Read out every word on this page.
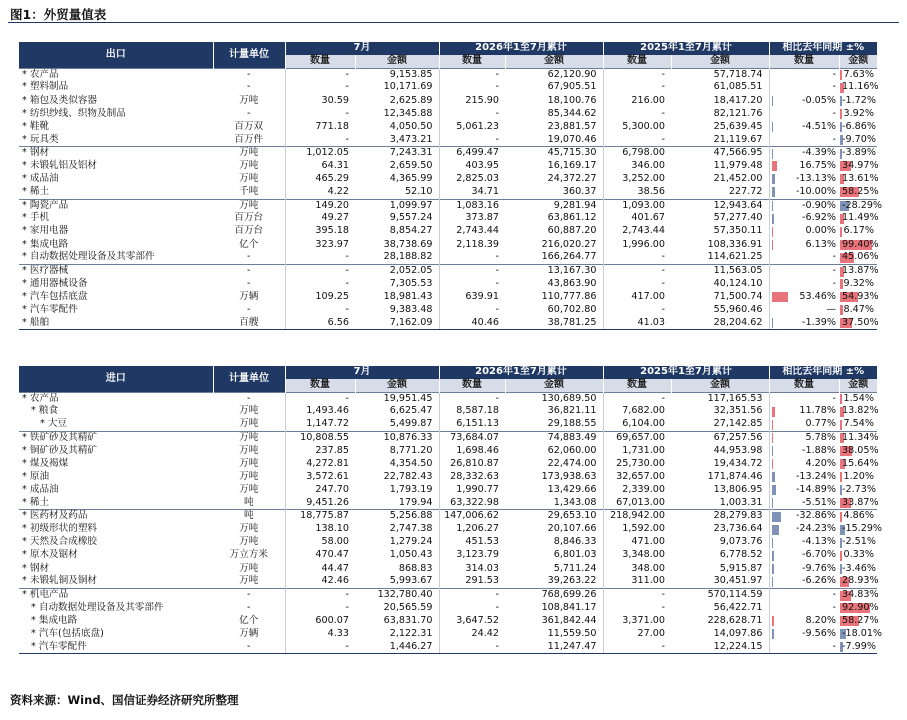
图1：外贸量值表
出口	计量单位	7月		2026年1至7月累计		2025年1至7月累计		相比去年同期 ±%	
		数量	金额	数量	金额	数量	金额	数量	金额
* 农产品	-	-	9,153.85	-	62,120.90	-	57,718.74	-	7.63%
* 塑料制品	-	-	10,171.69	-	67,905.51	-	61,085.51	-	11.16%
* 箱包及类似容器	万吨	30.59	2,625.89	215.90	18,100.76	216.00	18,417.20	-0.05%	-1.72%
* 纺织纱线、织物及制品	-	-	12,345.88	-	85,344.62	-	82,121.76	-	3.92%
* 鞋靴	百万双	771.18	4,050.50	5,061.23	23,881.57	5,300.00	25,639.45	-4.51%	-6.86%
* 玩具类	百万件	-	3,473.21	-	19,070.46	-	21,119.67	-	-9.70%
* 钢材	万吨	1,012.05	7,243.31	6,499.47	45,715.30	6,798.00	47,566.95	-4.39%	-3.89%
* 未锻轧铝及铝材	万吨	64.31	2,659.50	403.95	16,169.17	346.00	11,979.48	16.75%	34.97%
* 成品油	万吨	465.29	4,365.99	2,825.03	24,372.27	3,252.00	21,452.00	-13.13%	13.61%
* 稀土	千吨	4.22	52.10	34.71	360.37	38.56	227.72	-10.00%	58.25%
* 陶瓷产品	万吨	149.20	1,099.97	1,083.16	9,281.94	1,093.00	12,943.64	-0.90%	-28.29%
* 手机	百万台	49.27	9,557.24	373.87	63,861.12	401.67	57,277.40	-6.92%	11.49%
* 家用电器	百万台	395.18	8,854.27	2,743.44	60,887.20	2,743.44	57,350.11	0.00%	6.17%
* 集成电路	亿个	323.97	38,738.69	2,118.39	216,020.27	1,996.00	108,336.91	6.13%	99.40%
* 自动数据处理设备及其零部件	-	-	28,188.82	-	166,264.77	-	114,621.25	-	45.06%
* 医疗器械	-	-	2,052.05	-	13,167.30	-	11,563.05	-	13.87%
* 通用器械设备	-	-	7,305.53	-	43,863.90	-	40,124.10	-	9.32%
* 汽车包括底盘	万辆	109.25	18,981.43	639.91	110,777.86	417.00	71,500.74	53.46%	54.93%
* 汽车零配件	-	-	9,383.48	-	60,702.80	-	55,960.46	—	8.47%
* 船舶	百艘	6.56	7,162.09	40.46	38,781.25	41.03	28,204.62	-1.39%	37.50%
进口	计量单位	7月		2026年1至7月累计		2025年1至7月累计		相比去年同期 ±%	
		数量	金额	数量	金额	数量	金额	数量	金额
* 农产品	-	-	19,951.45	-	130,689.50	-	117,165.53	-	1.54%
* 粮食	万吨	1,493.46	6,625.47	8,587.18	36,821.11	7,682.00	32,351.56	11.78%	13.82%
* 大豆	万吨	1,147.72	5,499.87	6,151.13	29,188.55	6,104.00	27,142.85	0.77%	7.54%
* 铁矿砂及其精矿	万吨	10,808.55	10,876.33	73,684.07	74,883.49	69,657.00	67,257.56	5.78%	11.34%
* 铜矿砂及其精矿	万吨	237.85	8,771.20	1,698.46	62,060.00	1,731.00	44,953.98	-1.88%	38.05%
* 煤及褐煤	万吨	4,272.81	4,354.50	26,810.87	22,474.00	25,730.00	19,434.72	4.20%	15.64%
* 原油	万吨	3,572.61	22,782.43	28,332.63	173,938.63	32,657.00	171,874.46	-13.24%	1.20%
* 成品油	万吨	247.70	1,793.19	1,990.77	13,429.66	2,339.00	13,806.95	-14.89%	-2.73%
* 稀土	吨	9,451.26	179.94	63,322.98	1,343.08	67,013.00	1,003.31	-5.51%	33.87%
* 医药材及药品	吨	18,775.87	5,256.88	147,006.62	29,653.10	218,942.00	28,279.83	-32.86%	4.86%
* 初级形状的塑料	万吨	138.10	2,747.38	1,206.27	20,107.66	1,592.00	23,736.64	-24.23%	-15.29%
* 天然及合成橡胶	万吨	58.00	1,279.24	451.53	8,846.33	471.00	9,073.76	-4.13%	-2.51%
* 原木及锯材	万立方米	470.47	1,050.43	3,123.79	6,801.03	3,348.00	6,778.52	-6.70%	0.33%
* 钢材	万吨	44.47	868.83	314.03	5,711.24	348.00	5,915.87	-9.76%	-3.46%
* 未锻轧铜及铜材	万吨	42.46	5,993.67	291.53	39,263.22	311.00	30,451.97	-6.26%	28.93%
* 机电产品	-	-	132,780.40	-	768,699.26	-	570,114.59	-	34.83%
* 自动数据处理设备及其零部件	-	-	20,565.59	-	108,841.17	-	56,422.71	-	92.90%
* 集成电路	亿个	600.07	63,831.70	3,647.52	361,842.44	3,371.00	228,628.71	8.20%	58.27%
* 汽车(包括底盘)	万辆	4.33	2,122.31	24.42	11,559.50	27.00	14,097.86	-9.56%	-18.01%
* 汽车零配件	-	-	1,446.27	-	11,247.47	-	12,224.15	-	-7.99%
资料来源：Wind、国信证券经济研究所整理
